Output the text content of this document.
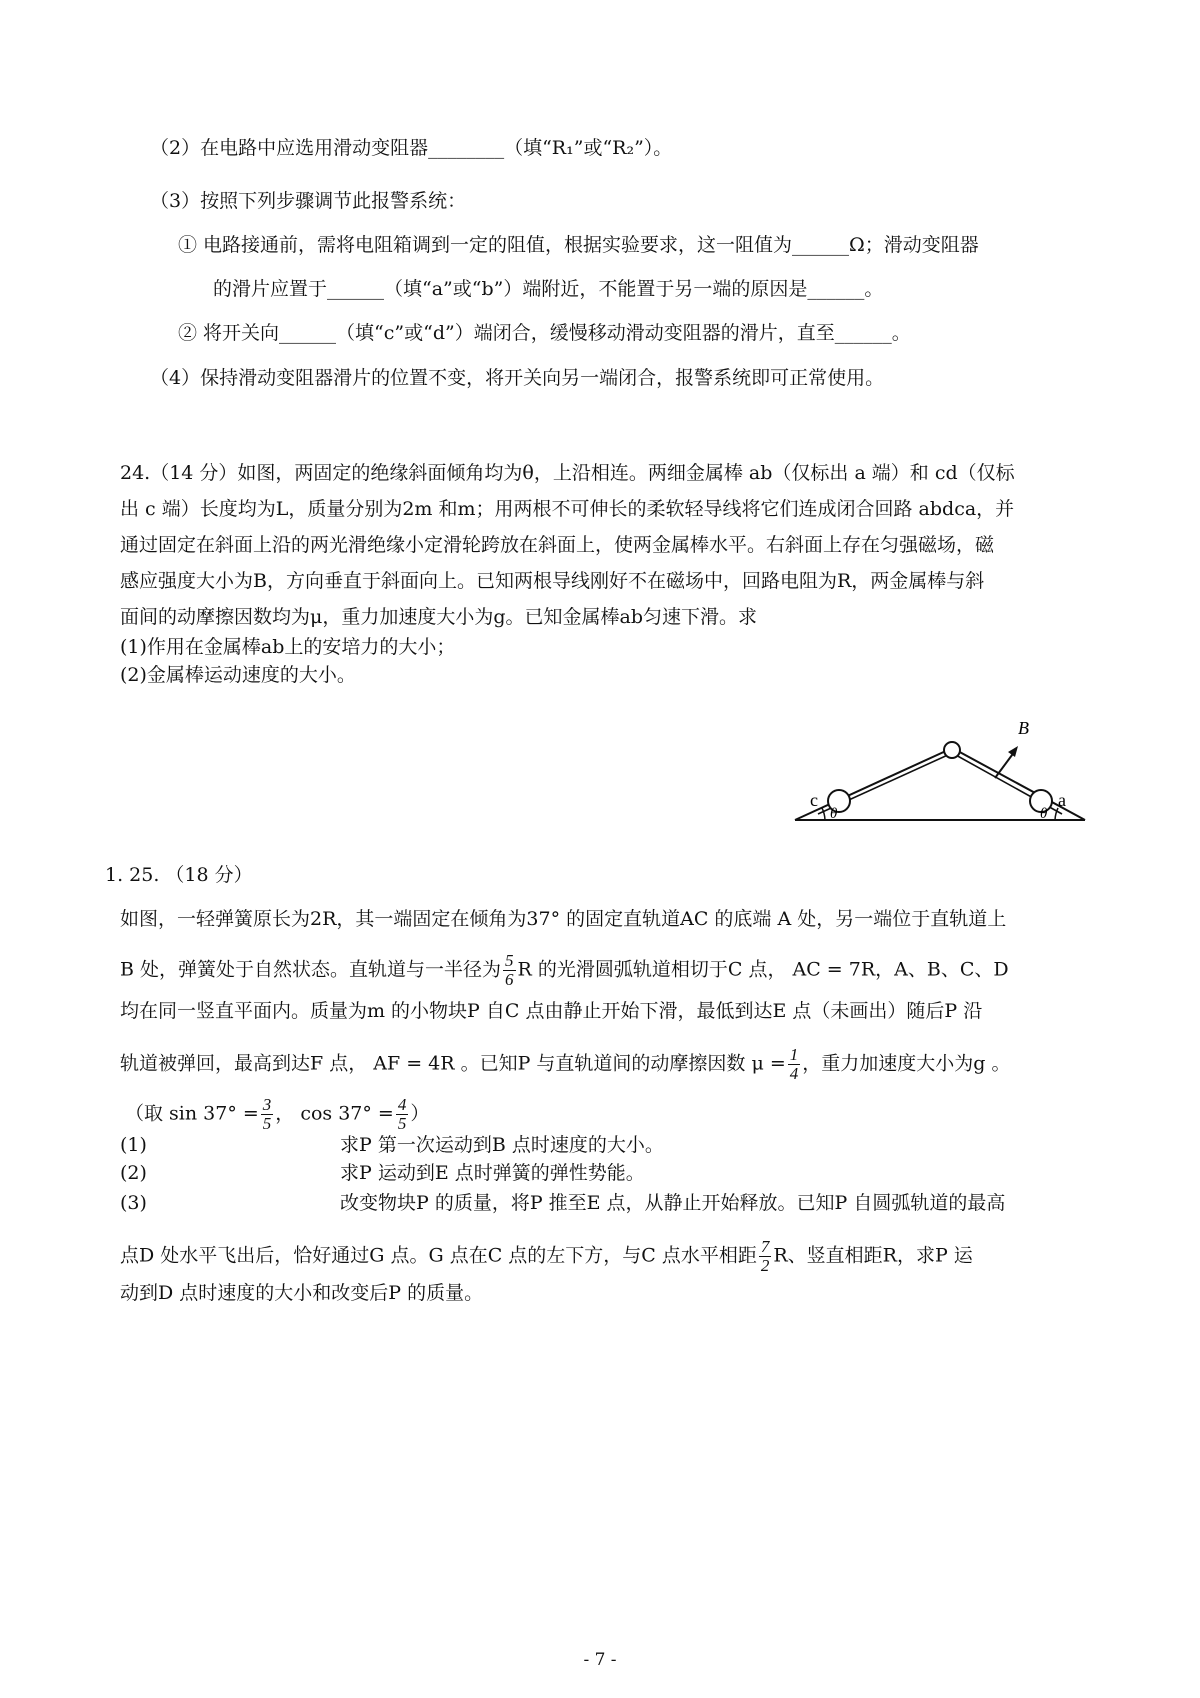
（2）在电路中应选用滑动变阻器________（填“R₁”或“R₂”）。
（3）按照下列步骤调节此报警系统：
① 电路接通前，需将电阻箱调到一定的阻值，根据实验要求，这一阻值为______Ω；滑动变阻器
的滑片应置于______（填“a”或“b”）端附近，不能置于另一端的原因是______。
② 将开关向______（填“c”或“d”）端闭合，缓慢移动滑动变阻器的滑片，直至______。
（4）保持滑动变阻器滑片的位置不变，将开关向另一端闭合，报警系统即可正常使用。
24.（14 分）如图，两固定的绝缘斜面倾角均为θ，上沿相连。两细金属棒 ab（仅标出 a 端）和 cd（仅标
出 c 端）长度均为L，质量分别为2m 和m；用两根不可伸长的柔软轻导线将它们连成闭合回路 abdca，并
通过固定在斜面上沿的两光滑绝缘小定滑轮跨放在斜面上，使两金属棒水平。右斜面上存在匀强磁场，磁
感应强度大小为B，方向垂直于斜面向上。已知两根导线刚好不在磁场中，回路电阻为R，两金属棒与斜
面间的动摩擦因数均为μ，重力加速度大小为g。已知金属棒ab匀速下滑。求
(1)作用在金属棒ab上的安培力的大小；
(2)金属棒运动速度的大小。
B
c	a
θ	θ
1. 25. （18 分）
如图，一轻弹簧原长为2R，其一端固定在倾角为37° 的固定直轨道AC 的底端 A 处，另一端位于直轨道上
B 处，弹簧处于自然状态。直轨道与一半径为 $\frac{5}{6}$ R 的光滑圆弧轨道相切于C 点， AC = 7R，A、B、C、D
均在同一竖直平面内。质量为m 的小物块P 自C 点由静止开始下滑，最低到达E 点（未画出）随后P 沿
轨道被弹回，最高到达F 点， AF = 4R 。已知P 与直轨道间的动摩擦因数 $\mu = \frac{1}{4}$ ，重力加速度大小为g 。
（取 $\sin 37^\circ = \frac{3}{5}$ ， $\cos 37^\circ = \frac{4}{5}$ ）
(1)	求P 第一次运动到B 点时速度的大小。
(2)	求P 运动到E 点时弹簧的弹性势能。
(3)	改变物块P 的质量，将P 推至E 点，从静止开始释放。已知P 自圆弧轨道的最高
点D 处水平飞出后，恰好通过G 点。G 点在C 点的左下方，与C 点水平相距 $\frac{7}{2}$ R、竖直相距R，求P 运
动到D 点时速度的大小和改变后P 的质量。
- 7 -
